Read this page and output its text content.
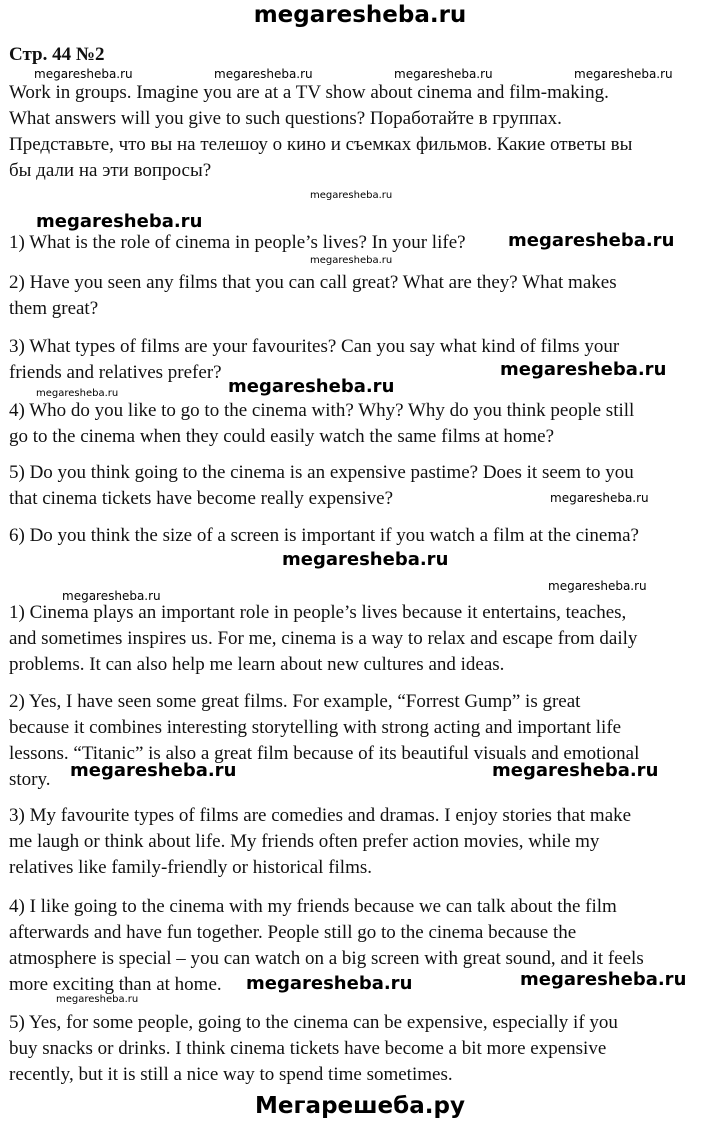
megaresheba.ru
Стр. 44 №2
Work in groups. Imagine you are at a TV show about cinema and film-making.
What answers will you give to such questions? Поработайте в группах.
Представьте, что вы на телешоу о кино и съемках фильмов. Какие ответы вы
бы дали на эти вопросы?
1) What is the role of cinema in people’s lives? In your life?
2) Have you seen any films that you can call great? What are they? What makes
them great?
3) What types of films are your favourites? Can you say what kind of films your
friends and relatives prefer?
4) Who do you like to go to the cinema with? Why? Why do you think people still
go to the cinema when they could easily watch the same films at home?
5) Do you think going to the cinema is an expensive pastime? Does it seem to you
that cinema tickets have become really expensive?
6) Do you think the size of a screen is important if you watch a film at the cinema?
1) Cinema plays an important role in people’s lives because it entertains, teaches,
and sometimes inspires us. For me, cinema is a way to relax and escape from daily
problems. It can also help me learn about new cultures and ideas.
2) Yes, I have seen some great films. For example, “Forrest Gump” is great
because it combines interesting storytelling with strong acting and important life
lessons. “Titanic” is also a great film because of its beautiful visuals and emotional
story.
3) My favourite types of films are comedies and dramas. I enjoy stories that make
me laugh or think about life. My friends often prefer action movies, while my
relatives like family-friendly or historical films.
4) I like going to the cinema with my friends because we can talk about the film
afterwards and have fun together. People still go to the cinema because the
atmosphere is special – you can watch on a big screen with great sound, and it feels
more exciting than at home.
5) Yes, for some people, going to the cinema can be expensive, especially if you
buy snacks or drinks. I think cinema tickets have become a bit more expensive
recently, but it is still a nice way to spend time sometimes.
megaresheba.ru	megaresheba.ru	megaresheba.ru	megaresheba.ru
megaresheba.ru
megaresheba.ru
megaresheba.ru
megaresheba.ru
megaresheba.ru
megaresheba.ru
megaresheba.ru
megaresheba.ru
megaresheba.ru
megaresheba.ru
megaresheba.ru
megaresheba.ru	megaresheba.ru
megaresheba.ru	megaresheba.ru
megaresheba.ru
Мегарешеба.ру
